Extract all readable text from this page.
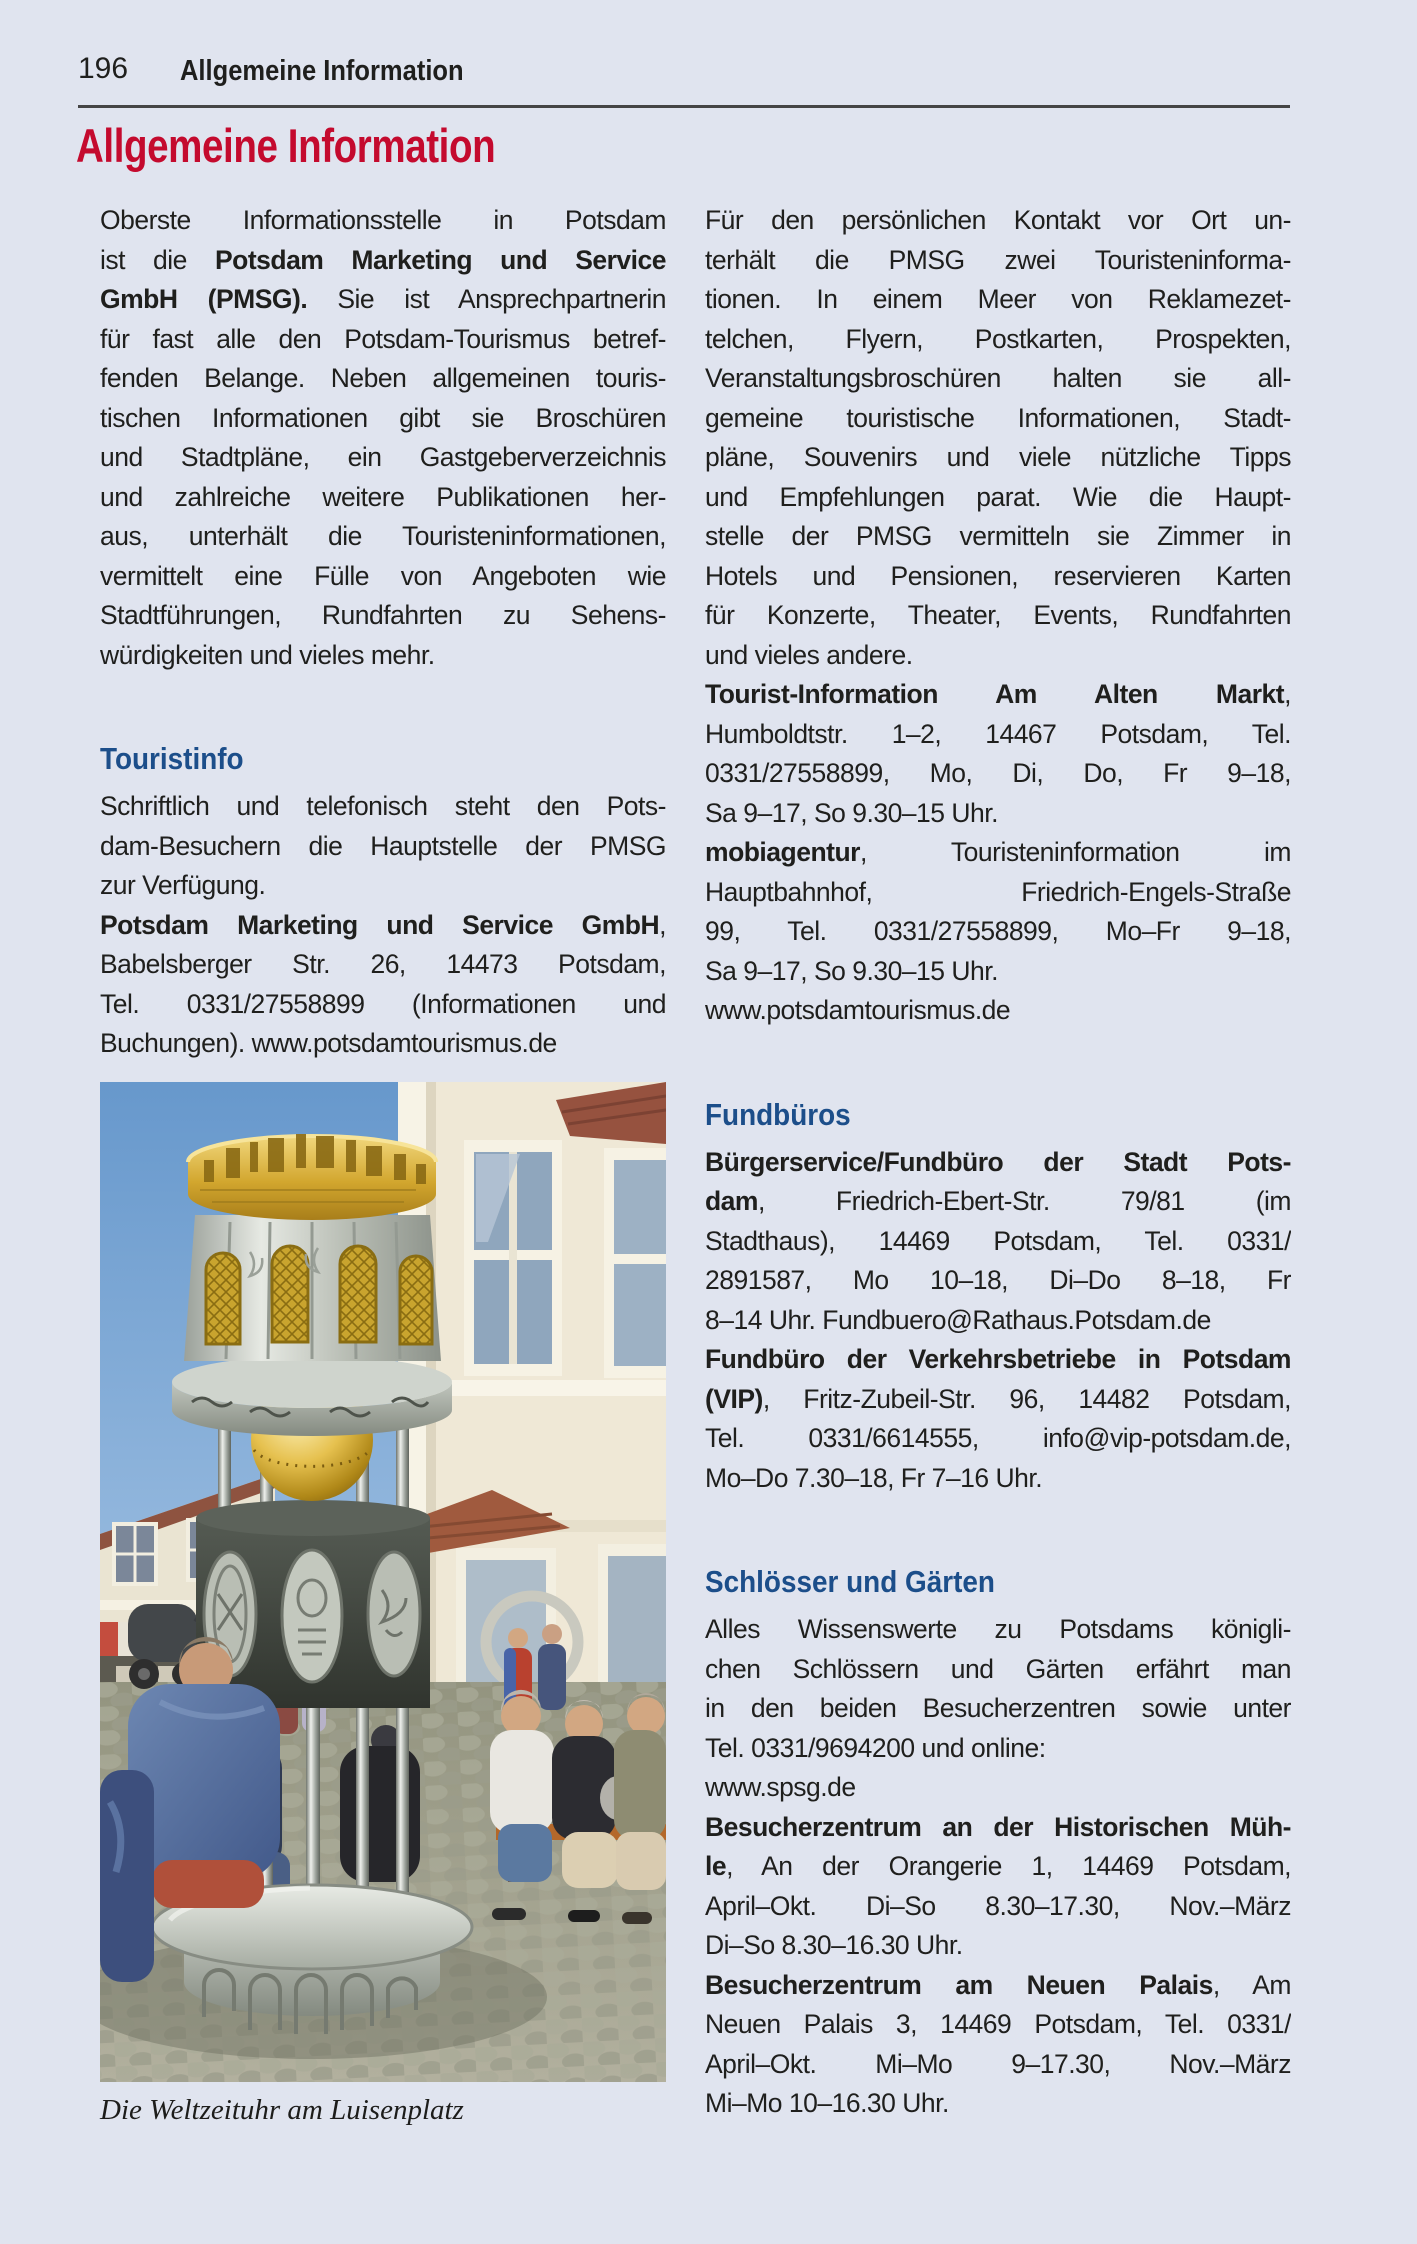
196 Allgemeine Information
Allgemeine Information
Oberste Informationsstelle in Potsdam
ist die Potsdam Marketing und Service
GmbH (PMSG). Sie ist Ansprechpartnerin
für fast alle den Potsdam-Tourismus betref-
fenden Belange. Neben allgemeinen touris-
tischen Informationen gibt sie Broschüren
und Stadtpläne, ein Gastgeberverzeichnis
und zahlreiche weitere Publikationen her-
aus, unterhält die Touristeninformationen,
vermittelt eine Fülle von Angeboten wie
Stadtführungen, Rundfahrten zu Sehens-
würdigkeiten und vieles mehr.
Touristinfo
Schriftlich und telefonisch steht den Pots-
dam-Besuchern die Hauptstelle der PMSG
zur Verfügung.
Potsdam Marketing und Service GmbH,
Babelsberger Str. 26, 14473 Potsdam,
Tel. 0331/27558899 (Informationen und
Buchungen). www.potsdamtourismus.de
Die Weltzeituhr am Luisenplatz
Für den persönlichen Kontakt vor Ort un-
terhält die PMSG zwei Touristeninforma-
tionen. In einem Meer von Reklamezet-
telchen, Flyern, Postkarten, Prospekten,
Veranstaltungsbroschüren halten sie all-
gemeine touristische Informationen, Stadt-
pläne, Souvenirs und viele nützliche Tipps
und Empfehlungen parat. Wie die Haupt-
stelle der PMSG vermitteln sie Zimmer in
Hotels und Pensionen, reservieren Karten
für Konzerte, Theater, Events, Rundfahrten
und vieles andere.
Tourist-Information Am Alten Markt,
Humboldtstr. 1–2, 14467 Potsdam, Tel.
0331/27558899, Mo, Di, Do, Fr 9–18,
Sa 9–17, So 9.30–15 Uhr.
mobiagentur, Touristeninformation im
Hauptbahnhof, Friedrich-Engels-Straße
99, Tel. 0331/27558899, Mo–Fr 9–18,
Sa 9–17, So 9.30–15 Uhr.
www.potsdamtourismus.de
Fundbüros
Bürgerservice/Fundbüro der Stadt Pots-
dam, Friedrich-Ebert-Str. 79/81 (im
Stadthaus), 14469 Potsdam, Tel. 0331/
2891587, Mo 10–18, Di–Do 8–18, Fr
8–14 Uhr. Fundbuero@Rathaus.Potsdam.de
Fundbüro der Verkehrsbetriebe in Potsdam
(VIP), Fritz-Zubeil-Str. 96, 14482 Potsdam,
Tel. 0331/6614555, info@vip-potsdam.de,
Mo–Do 7.30–18, Fr 7–16 Uhr.
Schlösser und Gärten
Alles Wissenswerte zu Potsdams königli-
chen Schlössern und Gärten erfährt man
in den beiden Besucherzentren sowie unter
Tel. 0331/9694200 und online:
www.spsg.de
Besucherzentrum an der Historischen Müh-
le, An der Orangerie 1, 14469 Potsdam,
April–Okt. Di–So 8.30–17.30, Nov.–März
Di–So 8.30–16.30 Uhr.
Besucherzentrum am Neuen Palais, Am
Neuen Palais 3, 14469 Potsdam, Tel. 0331/
April–Okt. Mi–Mo 9–17.30, Nov.–März
Mi–Mo 10–16.30 Uhr.
